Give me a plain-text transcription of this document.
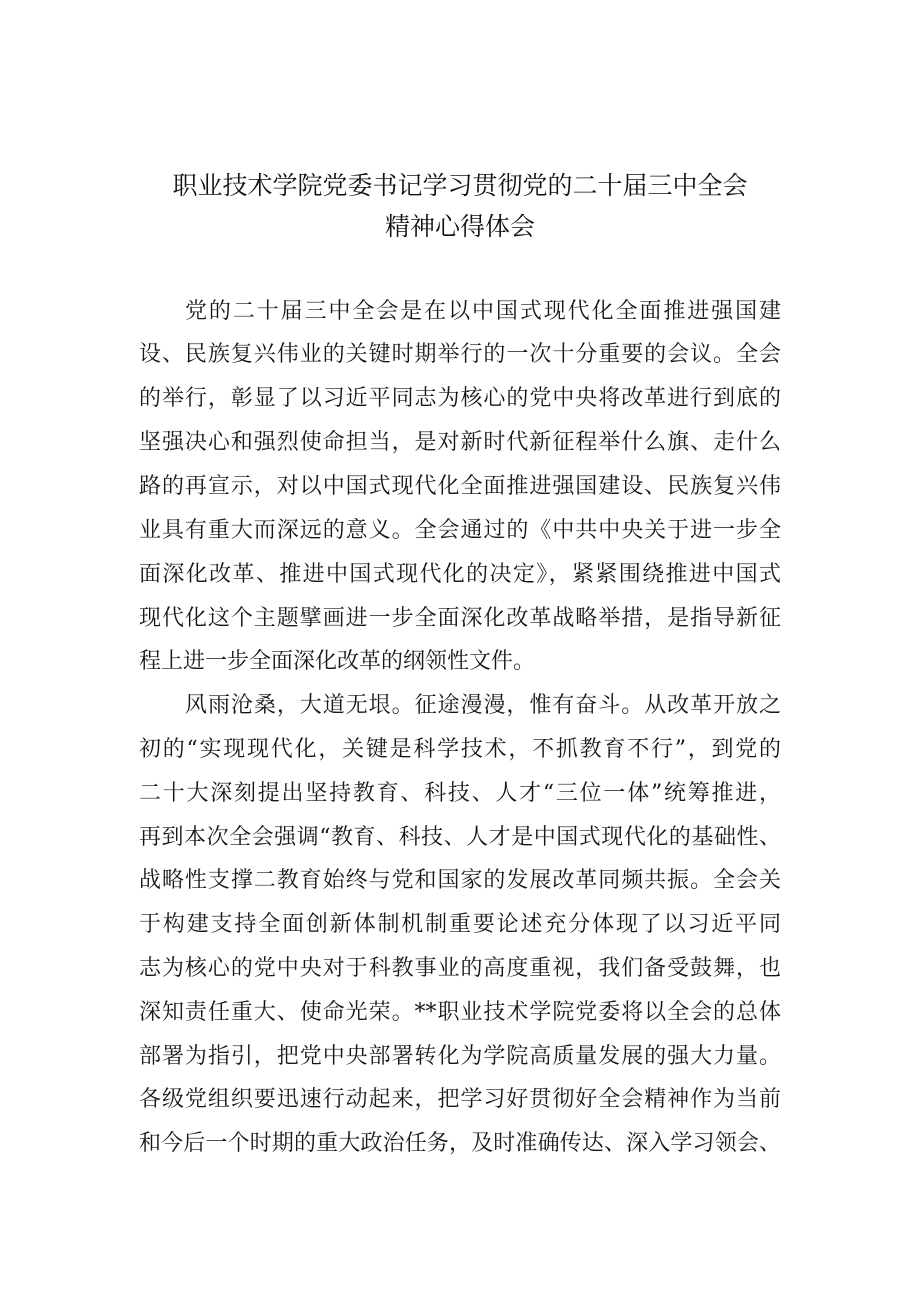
职业技术学院党委书记学习贯彻党的二十届三中全会
精神心得体会
党的二十届三中全会是在以中国式现代化全面推进强国建
设、民族复兴伟业的关键时期举行的一次十分重要的会议。全会
的举行，彰显了以习近平同志为核心的党中央将改革进行到底的
坚强决心和强烈使命担当，是对新时代新征程举什么旗、走什么
路的再宣示，对以中国式现代化全面推进强国建设、民族复兴伟
业具有重大而深远的意义。全会通过的《中共中央关于进一步全
面深化改革、推进中国式现代化的决定》，紧紧围绕推进中国式
现代化这个主题擘画进一步全面深化改革战略举措，是指导新征
程上进一步全面深化改革的纲领性文件。
风雨沧桑，大道无垠。征途漫漫，惟有奋斗。从改革开放之
初的“实现现代化，关键是科学技术，不抓教育不行”，到党的
二十大深刻提出坚持教育、科技、人才“三位一体”统筹推进，
再到本次全会强调“教育、科技、人才是中国式现代化的基础性、
战略性支撑二教育始终与党和国家的发展改革同频共振。全会关
于构建支持全面创新体制机制重要论述充分体现了以习近平同
志为核心的党中央对于科教事业的高度重视，我们备受鼓舞，也
深知责任重大、使命光荣。**职业技术学院党委将以全会的总体
部署为指引，把党中央部署转化为学院高质量发展的强大力量。
各级党组织要迅速行动起来，把学习好贯彻好全会精神作为当前
和今后一个时期的重大政治任务，及时准确传达、深入学习领会、
